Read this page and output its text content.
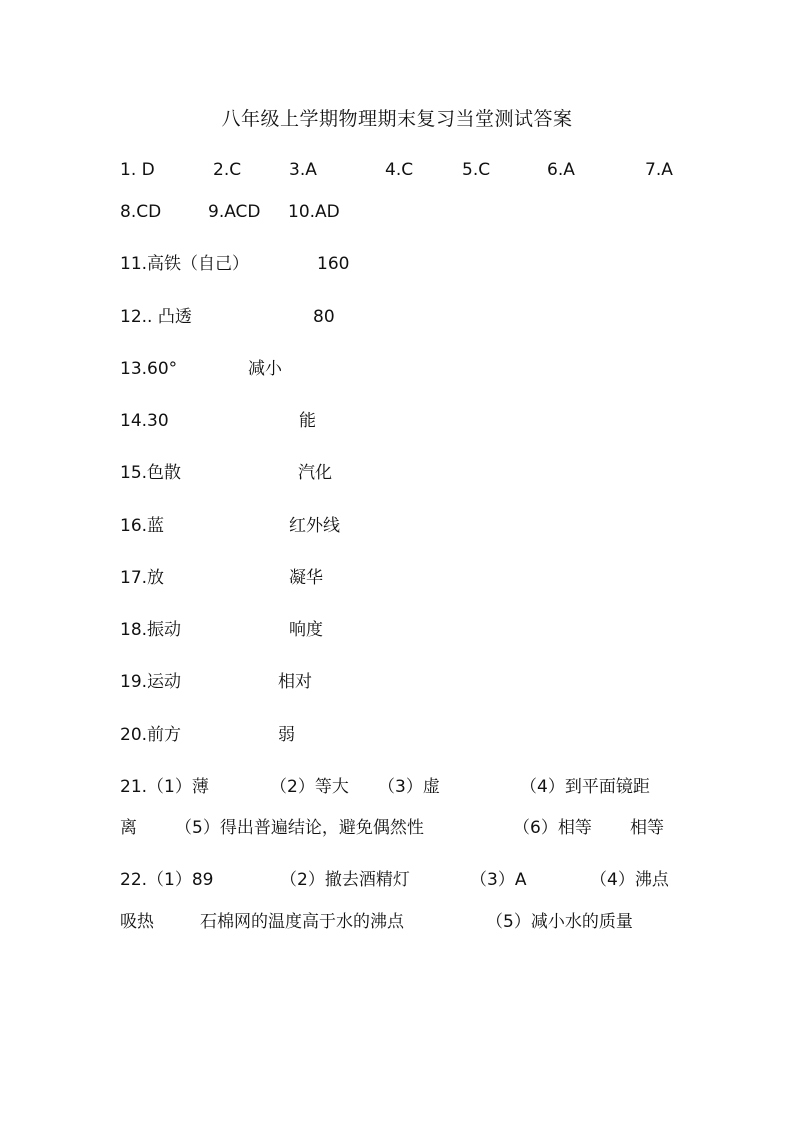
八年级上学期物理期末复习当堂测试答案
1. D	2.C	3.A	4.C	5.C	6.A	7.A
8.CD	9.ACD 10.AD
11.高铁（自己）	160
12.. 凸透	80
13.60°	减小
14.30	能
15.色散	汽化
16.蓝	红外线
17.放	凝华
18.振动	响度
19.运动	相对
20.前方	弱
21.（1）薄	（2）等大 （3）虚	（4）到平面镜距
离 （5）得出普遍结论，避免偶然性	（6）相等 相等
22.（1）89	（2）撤去酒精灯	（3）A	（4）沸点
吸热	石棉网的温度高于水的沸点	（5）减小水的质量
